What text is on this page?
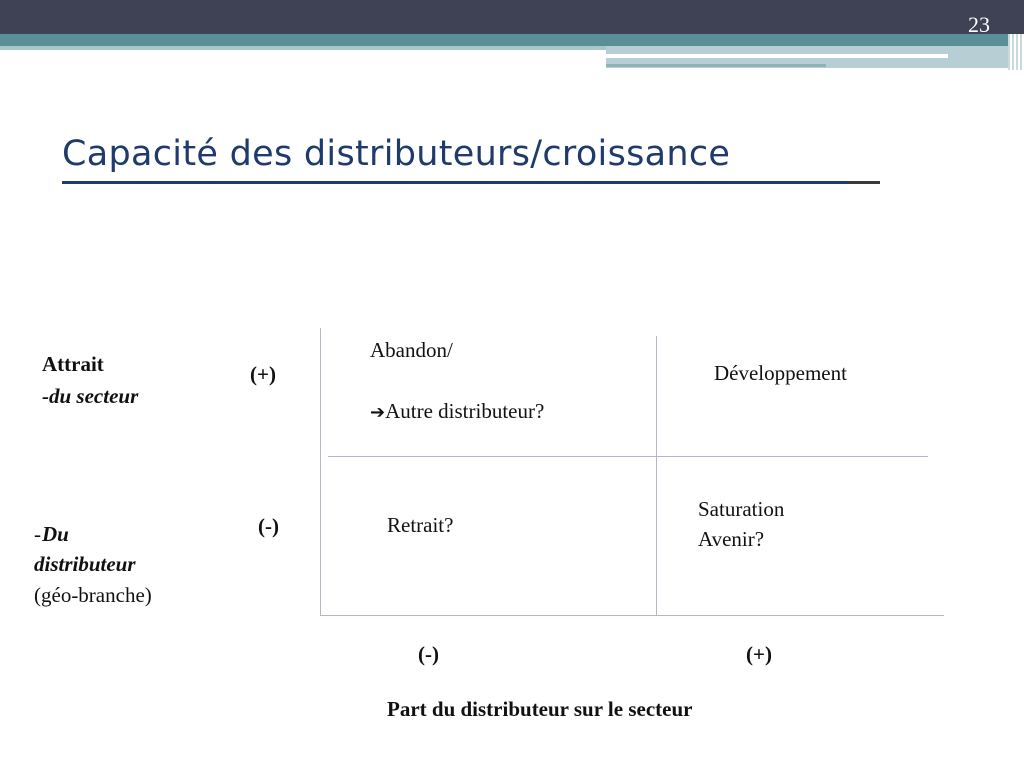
23
Capacité des distributeurs/croissance
Attrait
-du secteur
- Du
distributeur
(géo-branche)
(+)
(-)
Abandon/
➔Autre distributeur?
Développement
Retrait?
Saturation
Avenir?
(-)	(+)
Part du distributeur sur le secteur
